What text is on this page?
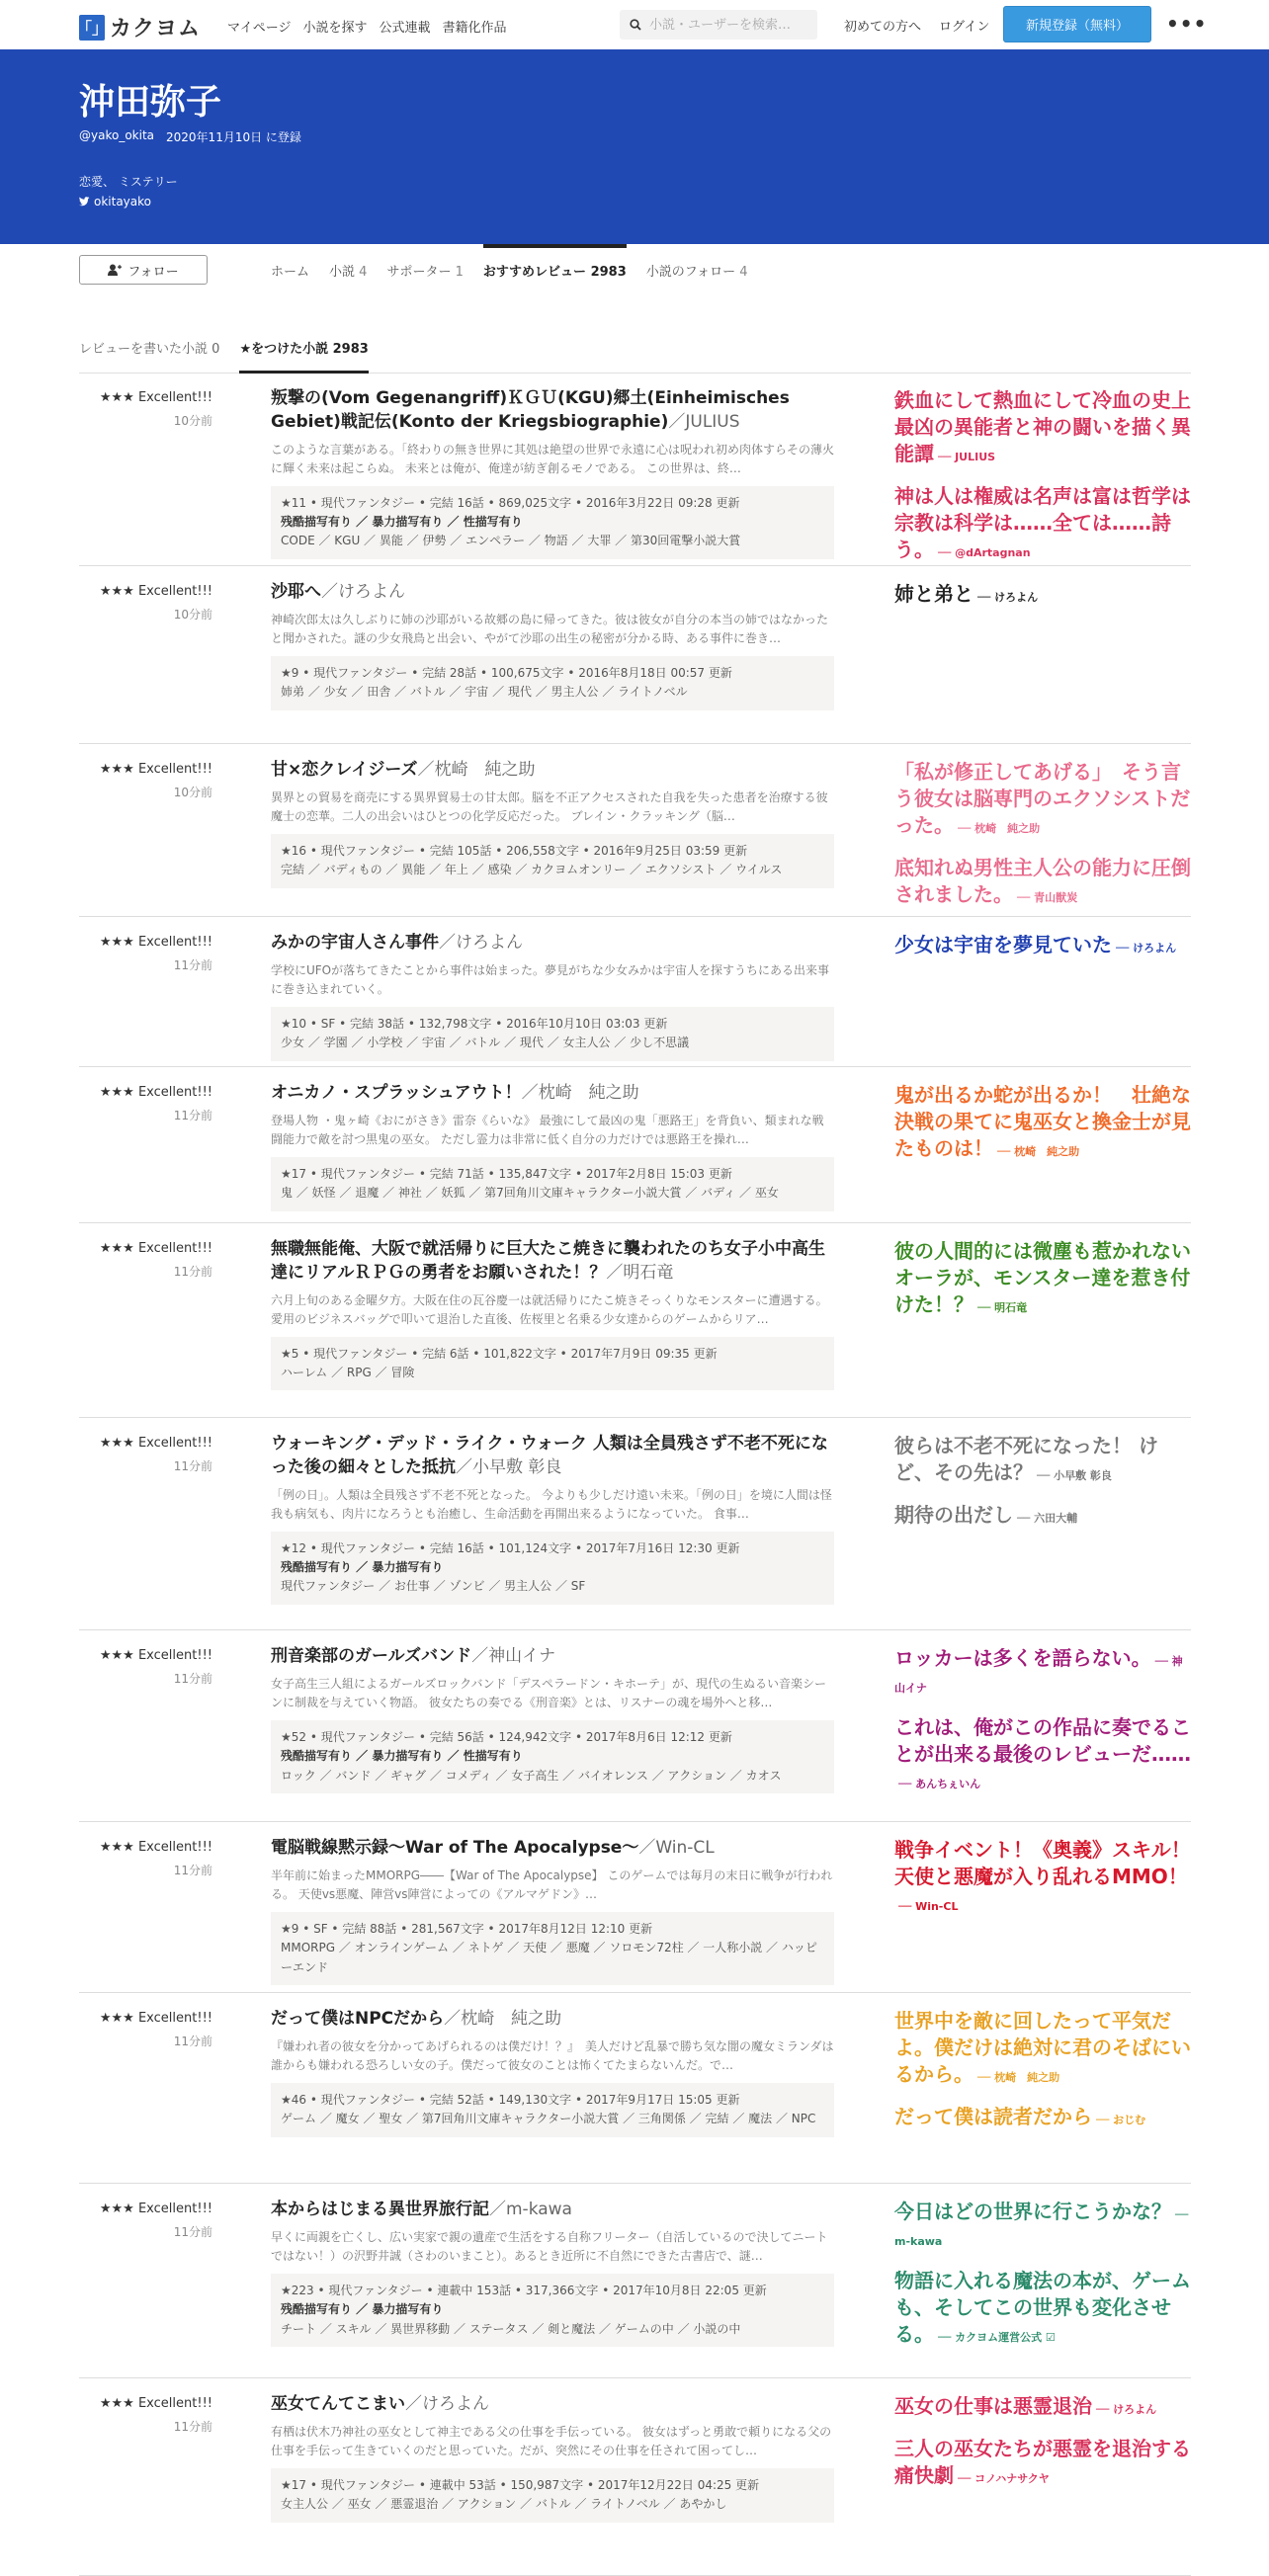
「」 カクヨム マイページ 小説を探す 公式連載 書籍化作品
小説・ユーザーを検索…	初めての方へ ログイン	新規登録（無料）	•••
沖田弥子
@yako_okita 2020年11月10日 に登録
恋愛、 ミステリー
okitayako
フォロー	ホーム 小説 4 サポーター 1 おすすめレビュー 2983 小説のフォロー 4
レビューを書いた小説 0 ★をつけた小説 2983
★★★ Excellent!!!
10分前
叛撃の(Vom Gegenangriff)ＫＧＵ(KGU)郷土(Einheimisches Gebiet)戦記伝(Konto der Kriegsbiographie)／JULIUS
このような言葉がある。「終わりの無き世界に其処は絶望の世界で永遠に心は呪われ初め肉体すらその薄火に輝く未来は起こらぬ。 未来とは俺が、俺達が紡ぎ創るモノである。 この世界は、終…
★11 • 現代ファンタジー • 完結 16話 • 869,025文字 • 2016年3月22日 09:28 更新
残酷描写有り ／ 暴力描写有り ／ 性描写有り
CODE ／ KGU ／ 異能 ／ 伊勢 ／ エンペラー ／ 物語 ／ 大罪 ／ 第30回電撃小説大賞
鉄血にして熱血にして冷血の史上最凶の異能者と神の闘いを描く異能譚 ── JULIUS
神は人は権威は名声は富は哲学は宗教は科学は……全ては……詩う。 ── @dArtagnan
★★★ Excellent!!!
10分前
沙耶へ／けろよん
神崎次郎太は久しぶりに姉の沙耶がいる故郷の島に帰ってきた。彼は彼女が自分の本当の姉ではなかったと聞かされた。謎の少女飛鳥と出会い、やがて沙耶の出生の秘密が分かる時、ある事件に巻き…
★9 • 現代ファンタジー • 完結 28話 • 100,675文字 • 2016年8月18日 00:57 更新
姉弟 ／ 少女 ／ 田舎 ／ バトル ／ 宇宙 ／ 現代 ／ 男主人公 ／ ライトノベル
姉と弟と ── けろよん
★★★ Excellent!!!
10分前
甘×恋クレイジーズ／枕崎　純之助
異界との貿易を商売にする異界貿易士の甘太郎。脳を不正アクセスされた自我を失った患者を治療する彼魔士の恋華。二人の出会いはひとつの化学反応だった。 ブレイン・クラッキング（脳…
★16 • 現代ファンタジー • 完結 105話 • 206,558文字 • 2016年9月25日 03:59 更新
完結 ／ バディもの ／ 異能 ／ 年上 ／ 感染 ／ カクヨムオンリー ／ エクソシスト ／ ウイルス
「私が修正してあげる」　そう言う彼女は脳専門のエクソシストだった。 ── 枕崎　純之助
底知れぬ男性主人公の能力に圧倒されました。 ── 青山獣炭
★★★ Excellent!!!
11分前
みかの宇宙人さん事件／けろよん
学校にUFOが落ちてきたことから事件は始まった。夢見がちな少女みかは宇宙人を探すうちにある出来事に巻き込まれていく。
★10 • SF • 完結 38話 • 132,798文字 • 2016年10月10日 03:03 更新
少女 ／ 学園 ／ 小学校 ／ 宇宙 ／ バトル ／ 現代 ／ 女主人公 ／ 少し不思議
少女は宇宙を夢見ていた ── けろよん
★★★ Excellent!!!
11分前
オニカノ・スプラッシュアウト！／枕崎　純之助
登場人物 ・鬼ヶ崎《おにがさき》雷奈《らいな》 最強にして最凶の鬼「悪路王」を背負い、類まれな戦闘能力で敵を討つ黒鬼の巫女。 ただし霊力は非常に低く自分の力だけでは悪路王を操れ…
★17 • 現代ファンタジー • 完結 71話 • 135,847文字 • 2017年2月8日 15:03 更新
鬼 ／ 妖怪 ／ 退魔 ／ 神社 ／ 妖狐 ／ 第7回角川文庫キャラクター小説大賞 ／ バディ ／ 巫女
鬼が出るか蛇が出るか！　壮絶な決戦の果てに鬼巫女と換金士が見たものは！ ── 枕崎　純之助
★★★ Excellent!!!
11分前
無職無能俺、大阪で就活帰りに巨大たこ焼きに襲われたのち女子小中高生達にリアルＲＰＧの勇者をお願いされた！？／明石竜
六月上旬のある金曜夕方。大阪在住の瓦谷慶一は就活帰りにたこ焼きそっくりなモンスターに遭遇する。愛用のビジネスバッグで叩いて退治した直後、佐桜里と名乗る少女達からのゲームからリア…
★5 • 現代ファンタジー • 完結 6話 • 101,822文字 • 2017年7月9日 09:35 更新
ハーレム ／ RPG ／ 冒険
彼の人間的には微塵も惹かれないオーラが、モンスター達を惹き付けた！？ ── 明石竜
★★★ Excellent!!!
11分前
ウォーキング・デッド・ライク・ウォーク 人類は全員残さず不老不死になった後の細々とした抵抗／小早敷 彰良
「例の日」。人類は全員残さず不老不死となった。 今よりも少しだけ遠い未来。「例の日」を境に人間は怪我も病気も、肉片になろうとも治癒し、生命活動を再開出来るようになっていた。 食事…
★12 • 現代ファンタジー • 完結 16話 • 101,124文字 • 2017年7月16日 12:30 更新
残酷描写有り ／ 暴力描写有り
現代ファンタジー ／ お仕事 ／ ゾンビ ／ 男主人公 ／ SF
彼らは不老不死になった！ けど、その先は？ ── 小早敷 彰良
期待の出だし ── 六田大輔
★★★ Excellent!!!
11分前
刑音楽部のガールズバンド／神山イナ
女子高生三人組によるガールズロックバンド「デスペラードン・キホーテ」が、現代の生ぬるい音楽シーンに制裁を与えていく物語。 彼女たちの奏でる《刑音楽》とは、リスナーの魂を場外へと移…
★52 • 現代ファンタジー • 完結 56話 • 124,942文字 • 2017年8月6日 12:12 更新
残酷描写有り ／ 暴力描写有り ／ 性描写有り
ロック ／ バンド ／ ギャグ ／ コメディ ／ 女子高生 ／ バイオレンス ／ アクション ／ カオス
ロッカーは多くを語らない。 ── 神山イナ
これは、俺がこの作品に奏でることが出来る最後のレビューだ……── あんちぇいん
★★★ Excellent!!!
11分前
電脳戦線黙示録～War of The Apocalypse～／Win-CL
半年前に始まったMMORPG――【War of The Apocalypse】 このゲームでは毎月の末日に戦争が行われる。 天使vs悪魔、陣営vs陣営によっての《アルマゲドン》…
★9 • SF • 完結 88話 • 281,567文字 • 2017年8月12日 12:10 更新
MMORPG ／ オンラインゲーム ／ ネトゲ ／ 天使 ／ 悪魔 ／ ソロモン72柱 ／ 一人称小説 ／ ハッピーエンド
戦争イベント！《奥義》スキル！天使と悪魔が入り乱れるMMO！── Win-CL
★★★ Excellent!!!
11分前
だって僕はNPCだから／枕崎　純之助
『嫌われ者の彼女を分かってあげられるのは僕だけ！？』　美人だけど乱暴で勝ち気な闇の魔女ミランダは誰からも嫌われる恐ろしい女の子。僕だって彼女のことは怖くてたまらないんだ。で…
★46 • 現代ファンタジー • 完結 52話 • 149,130文字 • 2017年9月17日 15:05 更新
ゲーム ／ 魔女 ／ 聖女 ／ 第7回角川文庫キャラクター小説大賞 ／ 三角関係 ／ 完結 ／ 魔法 ／ NPC
世界中を敵に回したって平気だよ。僕だけは絶対に君のそばにいるから。 ── 枕崎　純之助
だって僕は読者だから ── おじむ
★★★ Excellent!!!
11分前
本からはじまる異世界旅行記／m-kawa
早くに両親を亡くし、広い実家で親の遺産で生活をする自称フリーター（自活しているので決してニートではない！）の沢野井誠（さわのいまこと）。あるとき近所に不自然にできた古書店で、謎…
★223 • 現代ファンタジー • 連載中 153話 • 317,366文字 • 2017年10月8日 22:05 更新
残酷描写有り ／ 暴力描写有り
チート ／ スキル ／ 異世界移動 ／ ステータス ／ 剣と魔法 ／ ゲームの中 ／ 小説の中
今日はどの世界に行こうかな？ ── m-kawa
物語に入れる魔法の本が、ゲームも、そしてこの世界も変化させる。 ── カクヨム運営公式 ☑
★★★ Excellent!!!
11分前
巫女てんてこまい／けろよん
有栖は伏木乃神社の巫女として神主である父の仕事を手伝っている。 彼女はずっと勇敢で頼りになる父の仕事を手伝って生きていくのだと思っていた。だが、突然にその仕事を任されて困ってし…
★17 • 現代ファンタジー • 連載中 53話 • 150,987文字 • 2017年12月22日 04:25 更新
女主人公 ／ 巫女 ／ 悪霊退治 ／ アクション ／ バトル ／ ライトノベル ／ あやかし
巫女の仕事は悪霊退治 ── けろよん
三人の巫女たちが悪霊を退治する痛快劇 ── コノハナサクヤ
